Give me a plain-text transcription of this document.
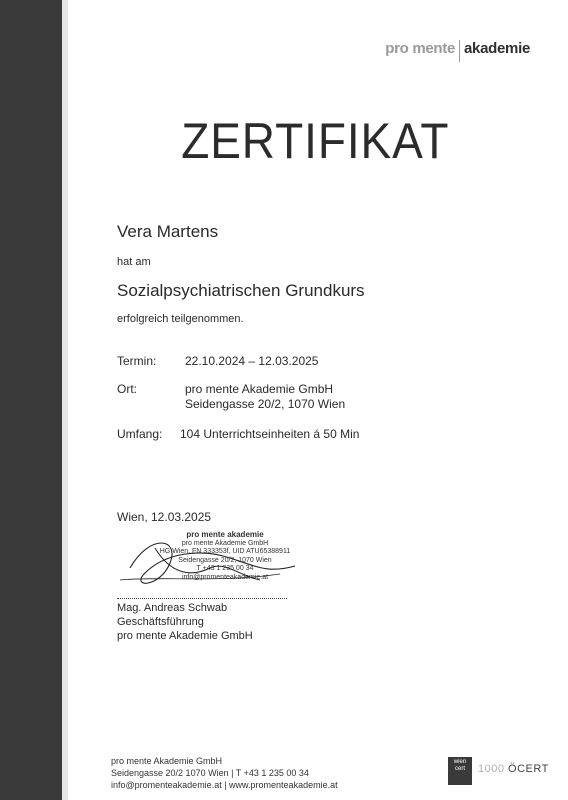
pro mente akademie
ZERTIFIKAT
Vera Martens
hat am
Sozialpsychiatrischen Grundkurs
erfolgreich teilgenommen.
Termin: 22.10.2024 – 12.03.2025
Ort:	pro mente Akademie GmbH
Seidengasse 20/2, 1070 Wien
Umfang: 104 Unterrichtseinheiten á 50 Min
Wien, 12.03.2025
pro mente akademie
pro mente Akademie GmbH
HG Wien, FN 333353f, UID ATU65388911
Seidengasse 20/2, 1070 Wien
T +43 1 235 00 34
info@promenteakademie.at
Mag. Andreas Schwab
Geschäftsführung
pro mente Akademie GmbH
pro mente Akademie GmbH
Seidengasse 20/2 1070 Wien | T +43 1 235 00 34
info@promenteakademie.at | www.promenteakademie.at
wien
cert	1000 ÖCERT
